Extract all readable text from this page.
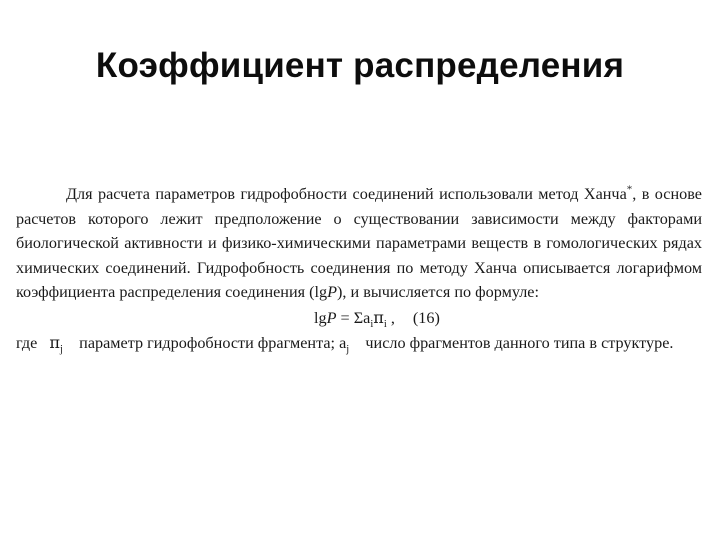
Коэффициент распределения

Для расчета параметров гидрофобности соединений использовали метод Ханча*, в основе расчетов которого лежит предположение о существовании зависимости между факторами биологической активности и физико-химическими параметрами веществ в гомологических рядах химических соединений. Гидрофобность соединения по методу Ханча описывается логарифмом коэффициента распределения соединения (lgP), и вычисляется по формуле:

$\lg P = \Sigma a_i\pi_i$ , (16)

где $\pi_j$ параметр гидрофобности фрагмента; $a_j$ число фрагментов данного типа в структуре.
